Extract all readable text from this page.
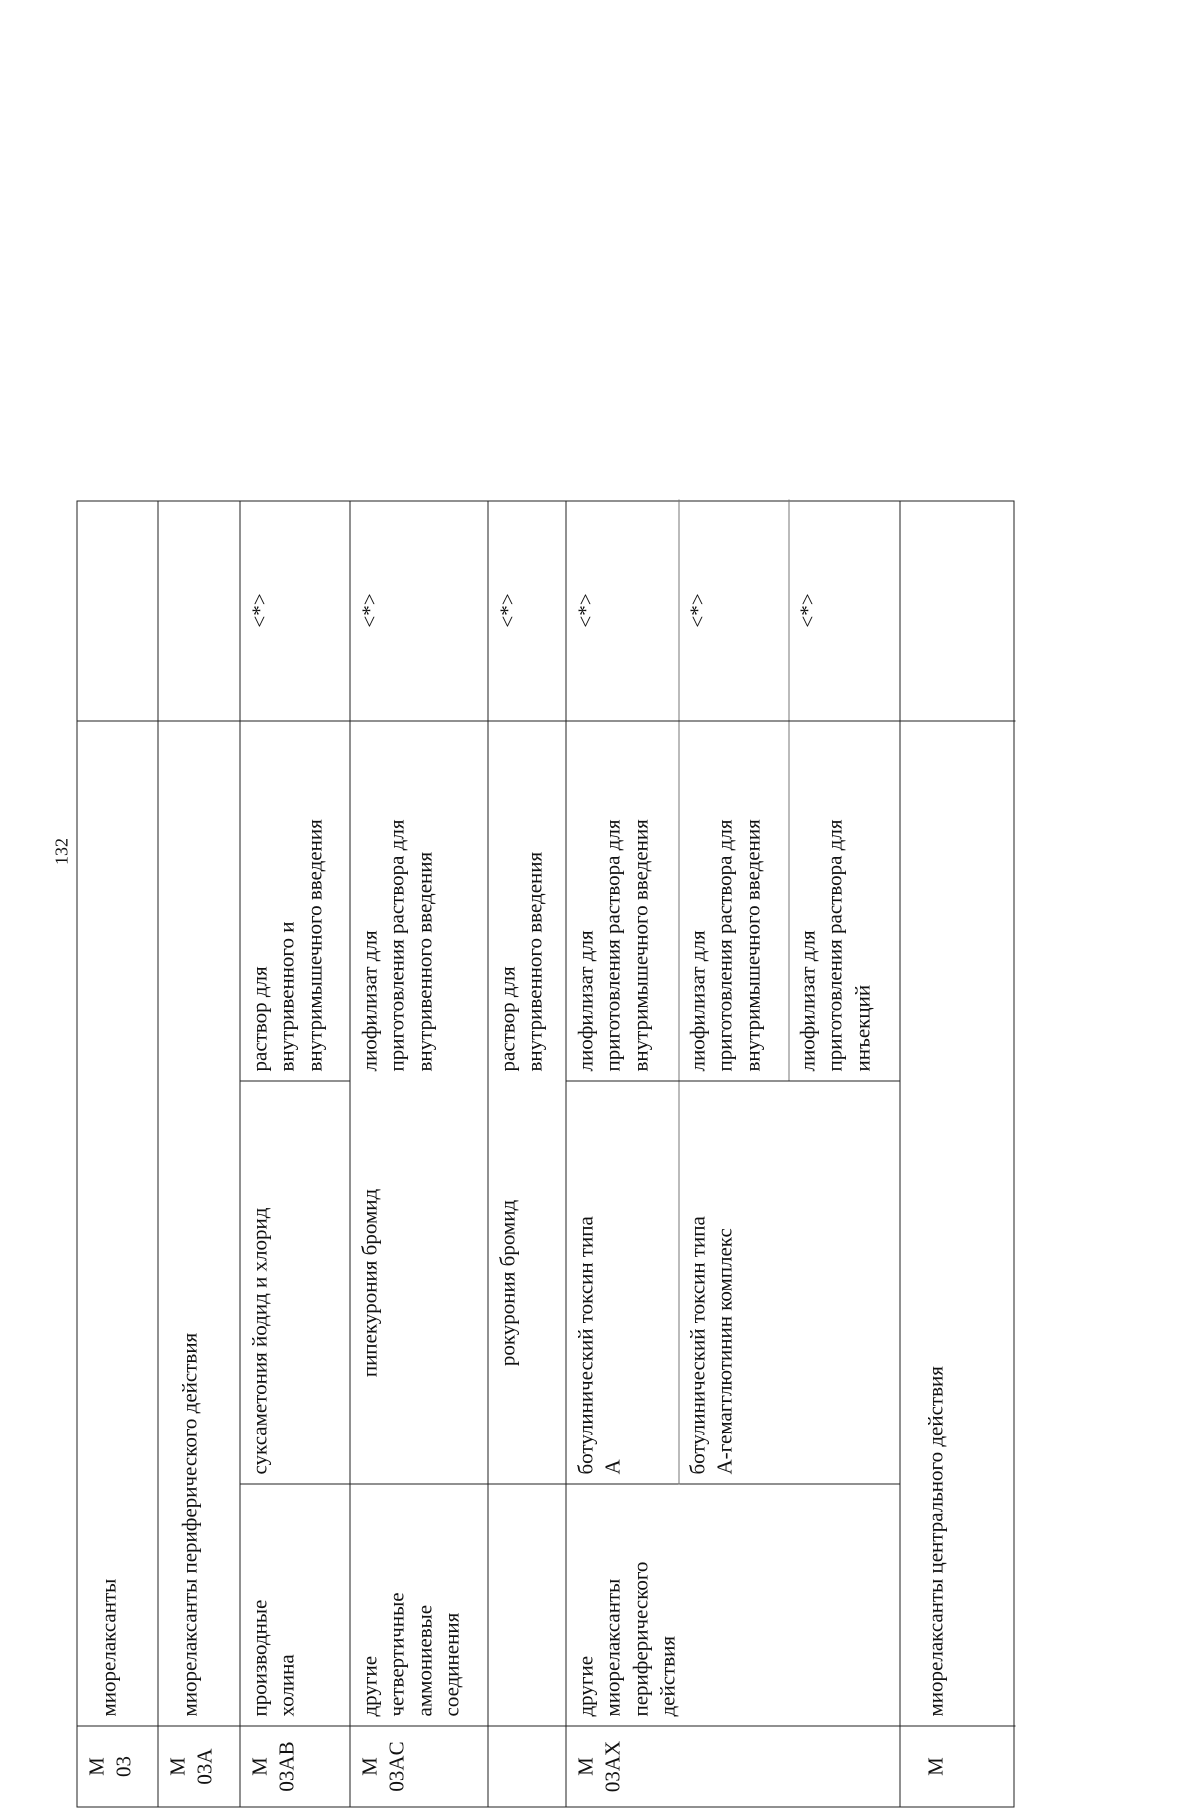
132
M
03
миорелаксанты
M
03A
миорелаксанты периферического действия
M
03AB
производные
холина
суксаметония йодид и хлорид
раствор для
внутривенного и
внутримышечного введения
<*>
M
03AC
другие
четвертичные
аммониевые
соединения
пипекурония бромид
лиофилизат для
приготовления раствора для
внутривенного введения
<*>
рокурония бромид
раствор для
внутривенного введения
<*>
M
03AX
другие
миорелаксанты
периферического
действия
ботулинический токсин типа
A
лиофилизат для
приготовления раствора для
внутримышечного введения
<*>
ботулинический токсин типа
A-гемагглютинин комплекс
лиофилизат для
приготовления раствора для
внутримышечного введения
<*>
лиофилизат для
приготовления раствора для
инъекций
<*>
M
миорелаксанты центрального действия
